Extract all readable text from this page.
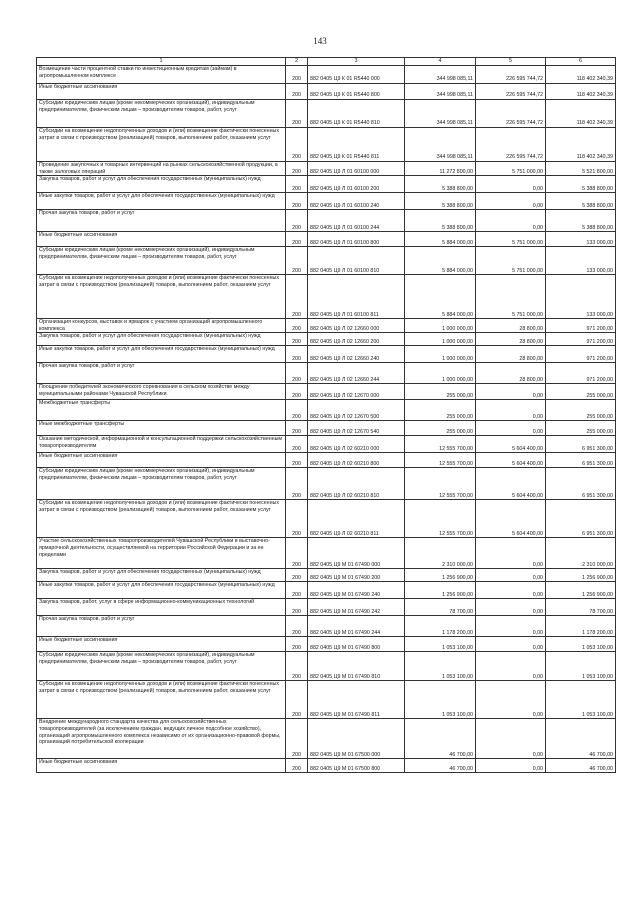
143
1	2	3	4	5	6
Возмещение части процентной ставки по инвестиционным кредитам (займам) в агропромышленном комплексе	200	882 0405 Ц9 К 01 R5440 000	344 998 085,11	226 595 744,72	118 402 340,39
Иные бюджетные ассигнования	200	882 0405 Ц9 К 01 R5440 800	344 998 085,11	226 595 744,72	118 402 340,39
Субсидии юридическим лицам (кроме некоммерческих организаций), индивидуальным предпринимателям, физическим лицам – производителям товаров, работ, услуг	200	882 0405 Ц9 К 01 R5440 810	344 998 085,11	226 595 744,72	118 402 340,39
Субсидии на возмещение недополученных доходов и (или) возмещение фактически понесенных затрат в связи с производством (реализацией) товаров, выполнением работ, оказанием услуг	200	882 0405 Ц9 К 01 R5440 811	344 998 085,11	226 595 744,72	118 402 340,39
Проведение закупочных и товарных интервенций на рынках сельскохозяйственной продукции, а также залоговых операций	200	882 0405 Ц9 Л 01 60100 000	11 272 800,00	5 751 000,00	5 521 800,00
Закупка товаров, работ и услуг для обеспечения государственных (муниципальных) нужд	200	882 0405 Ц9 Л 01 60100 200	5 388 800,00	0,00	5 388 800,00
Иные закупки товаров, работ и услуг для обеспечения государственных (муниципальных) нужд	200	882 0405 Ц9 Л 01 60100 240	5 388 800,00	0,00	5 388 800,00
Прочая закупка товаров, работ и услуг	200	882 0405 Ц9 Л 01 60100 244	5 388 800,00	0,00	5 388 800,00
Иные бюджетные ассигнования	200	882 0405 Ц9 Л 01 60100 800	5 884 000,00	5 751 000,00	133 000,00
Субсидии юридическим лицам (кроме некоммерческих организаций), индивидуальным предпринимателям, физическим лицам – производителям товаров, работ, услуг	200	882 0405 Ц9 Л 01 60100 810	5 884 000,00	5 751 000,00	133 000,00
Субсидии на возмещение недополученных доходов и (или) возмещение фактически понесенных затрат в связи с производством (реализацией) товаров, выполнением работ, оказанием услуг	200	882 0405 Ц9 Л 01 60100 811	5 884 000,00	5 751 000,00	133 000,00
Организация конкурсов, выставок и ярмарок с участием организаций агропромышленного комплекса	200	882 0405 Ц9 Л 02 12660 000	1 000 000,00	28 800,00	971 200,00
Закупка товаров, работ и услуг для обеспечения государственных (муниципальных) нужд	200	882 0405 Ц9 Л 02 12660 200	1 000 000,00	28 800,00	971 200,00
Иные закупки товаров, работ и услуг для обеспечения государственных (муниципальных) нужд	200	882 0405 Ц9 Л 02 12660 240	1 000 000,00	28 800,00	971 200,00
Прочая закупка товаров, работ и услуг	200	882 0405 Ц9 Л 02 12660 244	1 000 000,00	28 800,00	971 200,00
Поощрение победителей экономического соревнования в сельском хозяйстве между муниципальными районами Чувашской Республики	200	882 0405 Ц9 Л 02 12670 000	255 000,00	0,00	255 000,00
Межбюджетные трансферты	200	882 0405 Ц9 Л 02 12670 500	255 000,00	0,00	255 000,00
Иные межбюджетные трансферты	200	882 0405 Ц9 Л 02 12670 540	255 000,00	0,00	255 000,00
Оказание методической, информационной и консультационной поддержки сельскохозяйственным товаропроизводителям	200	882 0405 Ц9 Л 02 60210 000	12 555 700,00	5 604 400,00	6 951 300,00
Иные бюджетные ассигнования	200	882 0405 Ц9 Л 02 60210 800	12 555 700,00	5 604 400,00	6 951 300,00
Субсидии юридическим лицам (кроме некоммерческих организаций), индивидуальным предпринимателям, физическим лицам – производителям товаров, работ, услуг	200	882 0405 Ц9 Л 02 60210 810	12 555 700,00	5 604 400,00	6 951 300,00
Субсидии на возмещение недополученных доходов и (или) возмещение фактически понесенных затрат в связи с производством (реализацией) товаров, выполнением работ, оказанием услуг	200	882 0405 Ц9 Л 02 60210 811	12 555 700,00	5 604 400,00	6 951 300,00
Участие сельскохозяйственных товаропроизводителей Чувашской Республики в выставочно-ярмарочной деятельности, осуществляемой на территории Российской Федерации и за ее пределами	200	882 0405 Ц9 М 01 67490 000	2 310 000,00	0,00	2 310 000,00
Закупка товаров, работ и услуг для обеспечения государственных (муниципальных) нужд	200	882 0405 Ц9 М 01 67490 200	1 256 900,00	0,00	1 256 900,00
Иные закупки товаров, работ и услуг для обеспечения государственных (муниципальных) нужд	200	882 0405 Ц9 М 01 67490 240	1 256 900,00	0,00	1 256 900,00
Закупка товаров, работ, услуг в сфере информационно-коммуникационных технологий	200	882 0405 Ц9 М 01 67490 242	78 700,00	0,00	78 700,00
Прочая закупка товаров, работ и услуг	200	882 0405 Ц9 М 01 67490 244	1 178 200,00	0,00	1 178 200,00
Иные бюджетные ассигнования	200	882 0405 Ц9 М 01 67490 800	1 053 100,00	0,00	1 053 100,00
Субсидии юридическим лицам (кроме некоммерческих организаций), индивидуальным предпринимателям, физическим лицам – производителям товаров, работ, услуг	200	882 0405 Ц9 М 01 67490 810	1 053 100,00	0,00	1 053 100,00
Субсидии на возмещение недополученных доходов и (или) возмещение фактически понесенных затрат в связи с производством (реализацией) товаров, выполнением работ, оказанием услуг	200	882 0405 Ц9 М 01 67490 811	1 053 100,00	0,00	1 053 100,00
Внедрение международного стандарта качества для сельскохозяйственных товаропроизводителей (за исключением граждан, ведущих личное подсобное хозяйство), организаций агропромышленного комплекса независимо от их организационно-правовой формы, организаций потребительской кооперации	200	882 0405 Ц9 М 01 67500 000	46 700,00	0,00	46 700,00
Иные бюджетные ассигнования	200	882 0405 Ц9 М 01 67500 800	46 700,00	0,00	46 700,00
